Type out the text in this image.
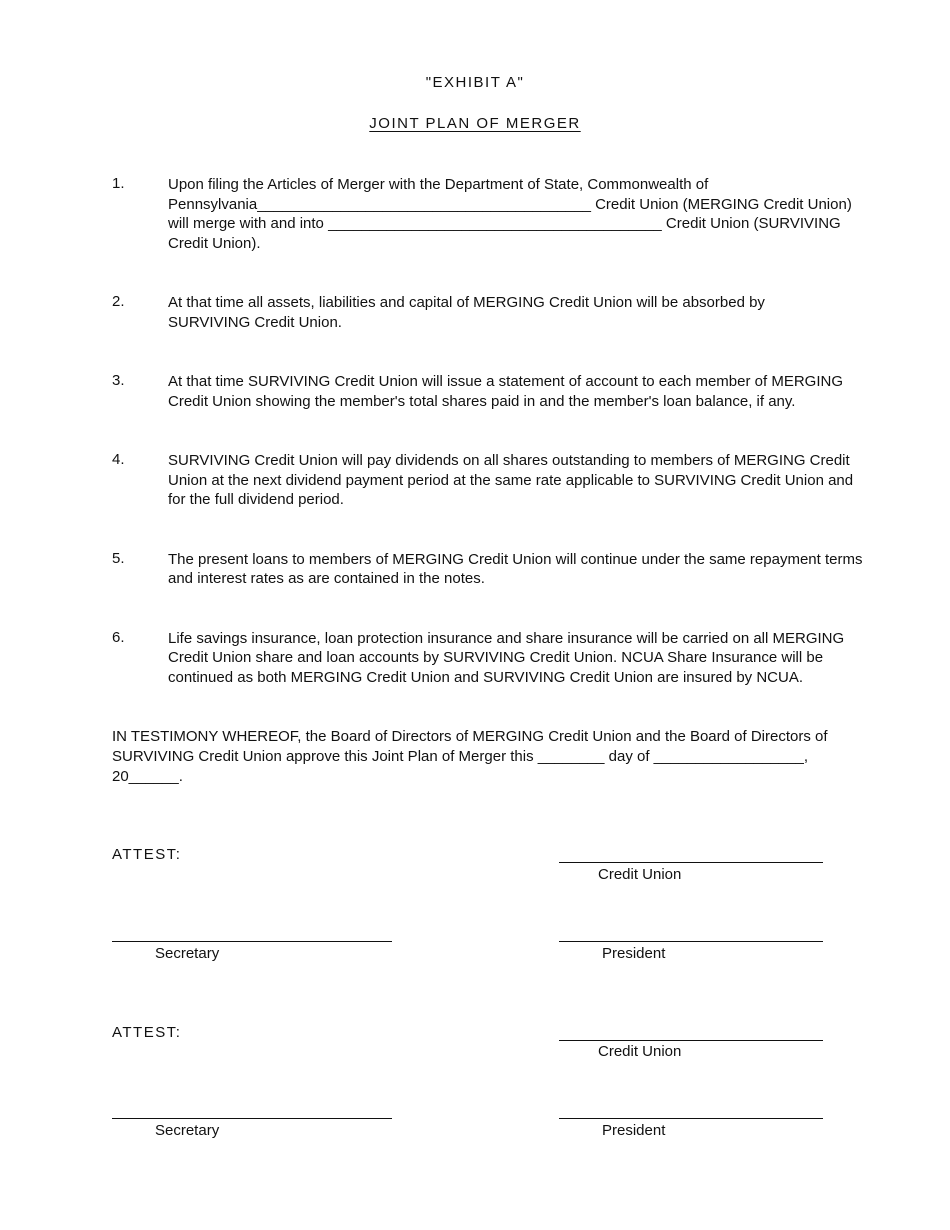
"EXHIBIT A"
JOINT PLAN OF MERGER
1.	Upon filing the Articles of Merger with the Department of State, Commonwealth of
Pennsylvania________________________________________ Credit Union (MERGING Credit Union)
will merge with and into ________________________________________ Credit Union (SURVIVING
Credit Union).
2.	At that time all assets, liabilities and capital of MERGING Credit Union will be absorbed by
SURVIVING Credit Union.
3.	At that time SURVIVING Credit Union will issue a statement of account to each member of MERGING
Credit Union showing the member's total shares paid in and the member's loan balance, if any.
4.	SURVIVING Credit Union will pay dividends on all shares outstanding to members of MERGING Credit
Union at the next dividend payment period at the same rate applicable to SURVIVING Credit Union and
for the full dividend period.
5.	The present loans to members of MERGING Credit Union will continue under the same repayment terms
and interest rates as are contained in the notes.
6.	Life savings insurance, loan protection insurance and share insurance will be carried on all MERGING
Credit Union share and loan accounts by SURVIVING Credit Union. NCUA Share Insurance will be
continued as both MERGING Credit Union and SURVIVING Credit Union are insured by NCUA.
IN TESTIMONY WHEREOF, the Board of Directors of MERGING Credit Union and the Board of Directors of
SURVIVING Credit Union approve this Joint Plan of Merger this ________ day of __________________,
20______.
ATTEST:
Credit Union
Secretary	President
ATTEST:
Credit Union
Secretary	President
